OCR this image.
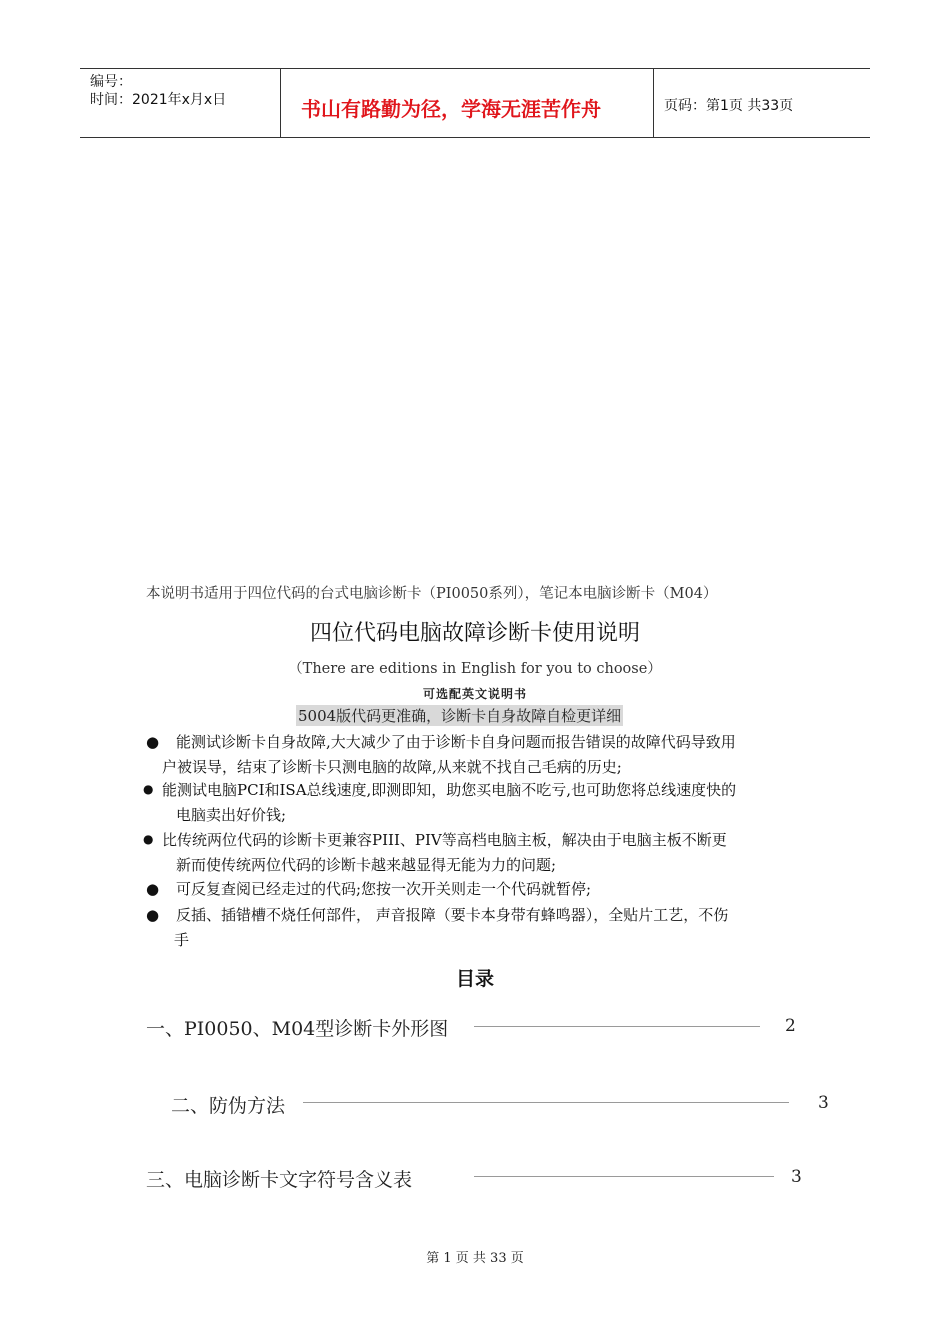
编号：
时间：2021年x月x日	书山有路勤为径，学海无涯苦作舟	页码：第1页 共33页
本说明书适用于四位代码的台式电脑诊断卡（PI0050系列），笔记本电脑诊断卡（M04）
四位代码电脑故障诊断卡使用说明
（There are editions in English for you to choose）
可选配英文说明书
5004版代码更准确，诊断卡自身故障自检更详细
● 能测试诊断卡自身故障,大大减少了由于诊断卡自身问题而报告错误的故障代码导致用
户被误导，结束了诊断卡只测电脑的故障,从来就不找自己毛病的历史;
● 能测试电脑PCI和ISA总线速度,即测即知，助您买电脑不吃亏,也可助您将总线速度快的
电脑卖出好价钱;
● 比传统两位代码的诊断卡更兼容PIII、PIV等高档电脑主板，解决由于电脑主板不断更
新而使传统两位代码的诊断卡越来越显得无能为力的问题;
● 可反复查阅已经走过的代码;您按一次开关则走一个代码就暂停;
● 反插、插错槽不烧任何部件， 声音报障（要卡本身带有蜂鸣器），全贴片工艺，不伤
手
目录
一、PI0050、M04型诊断卡外形图	2
二、防伪方法	3
三、电脑诊断卡文字符号含义表	3
第 1 页 共 33 页
